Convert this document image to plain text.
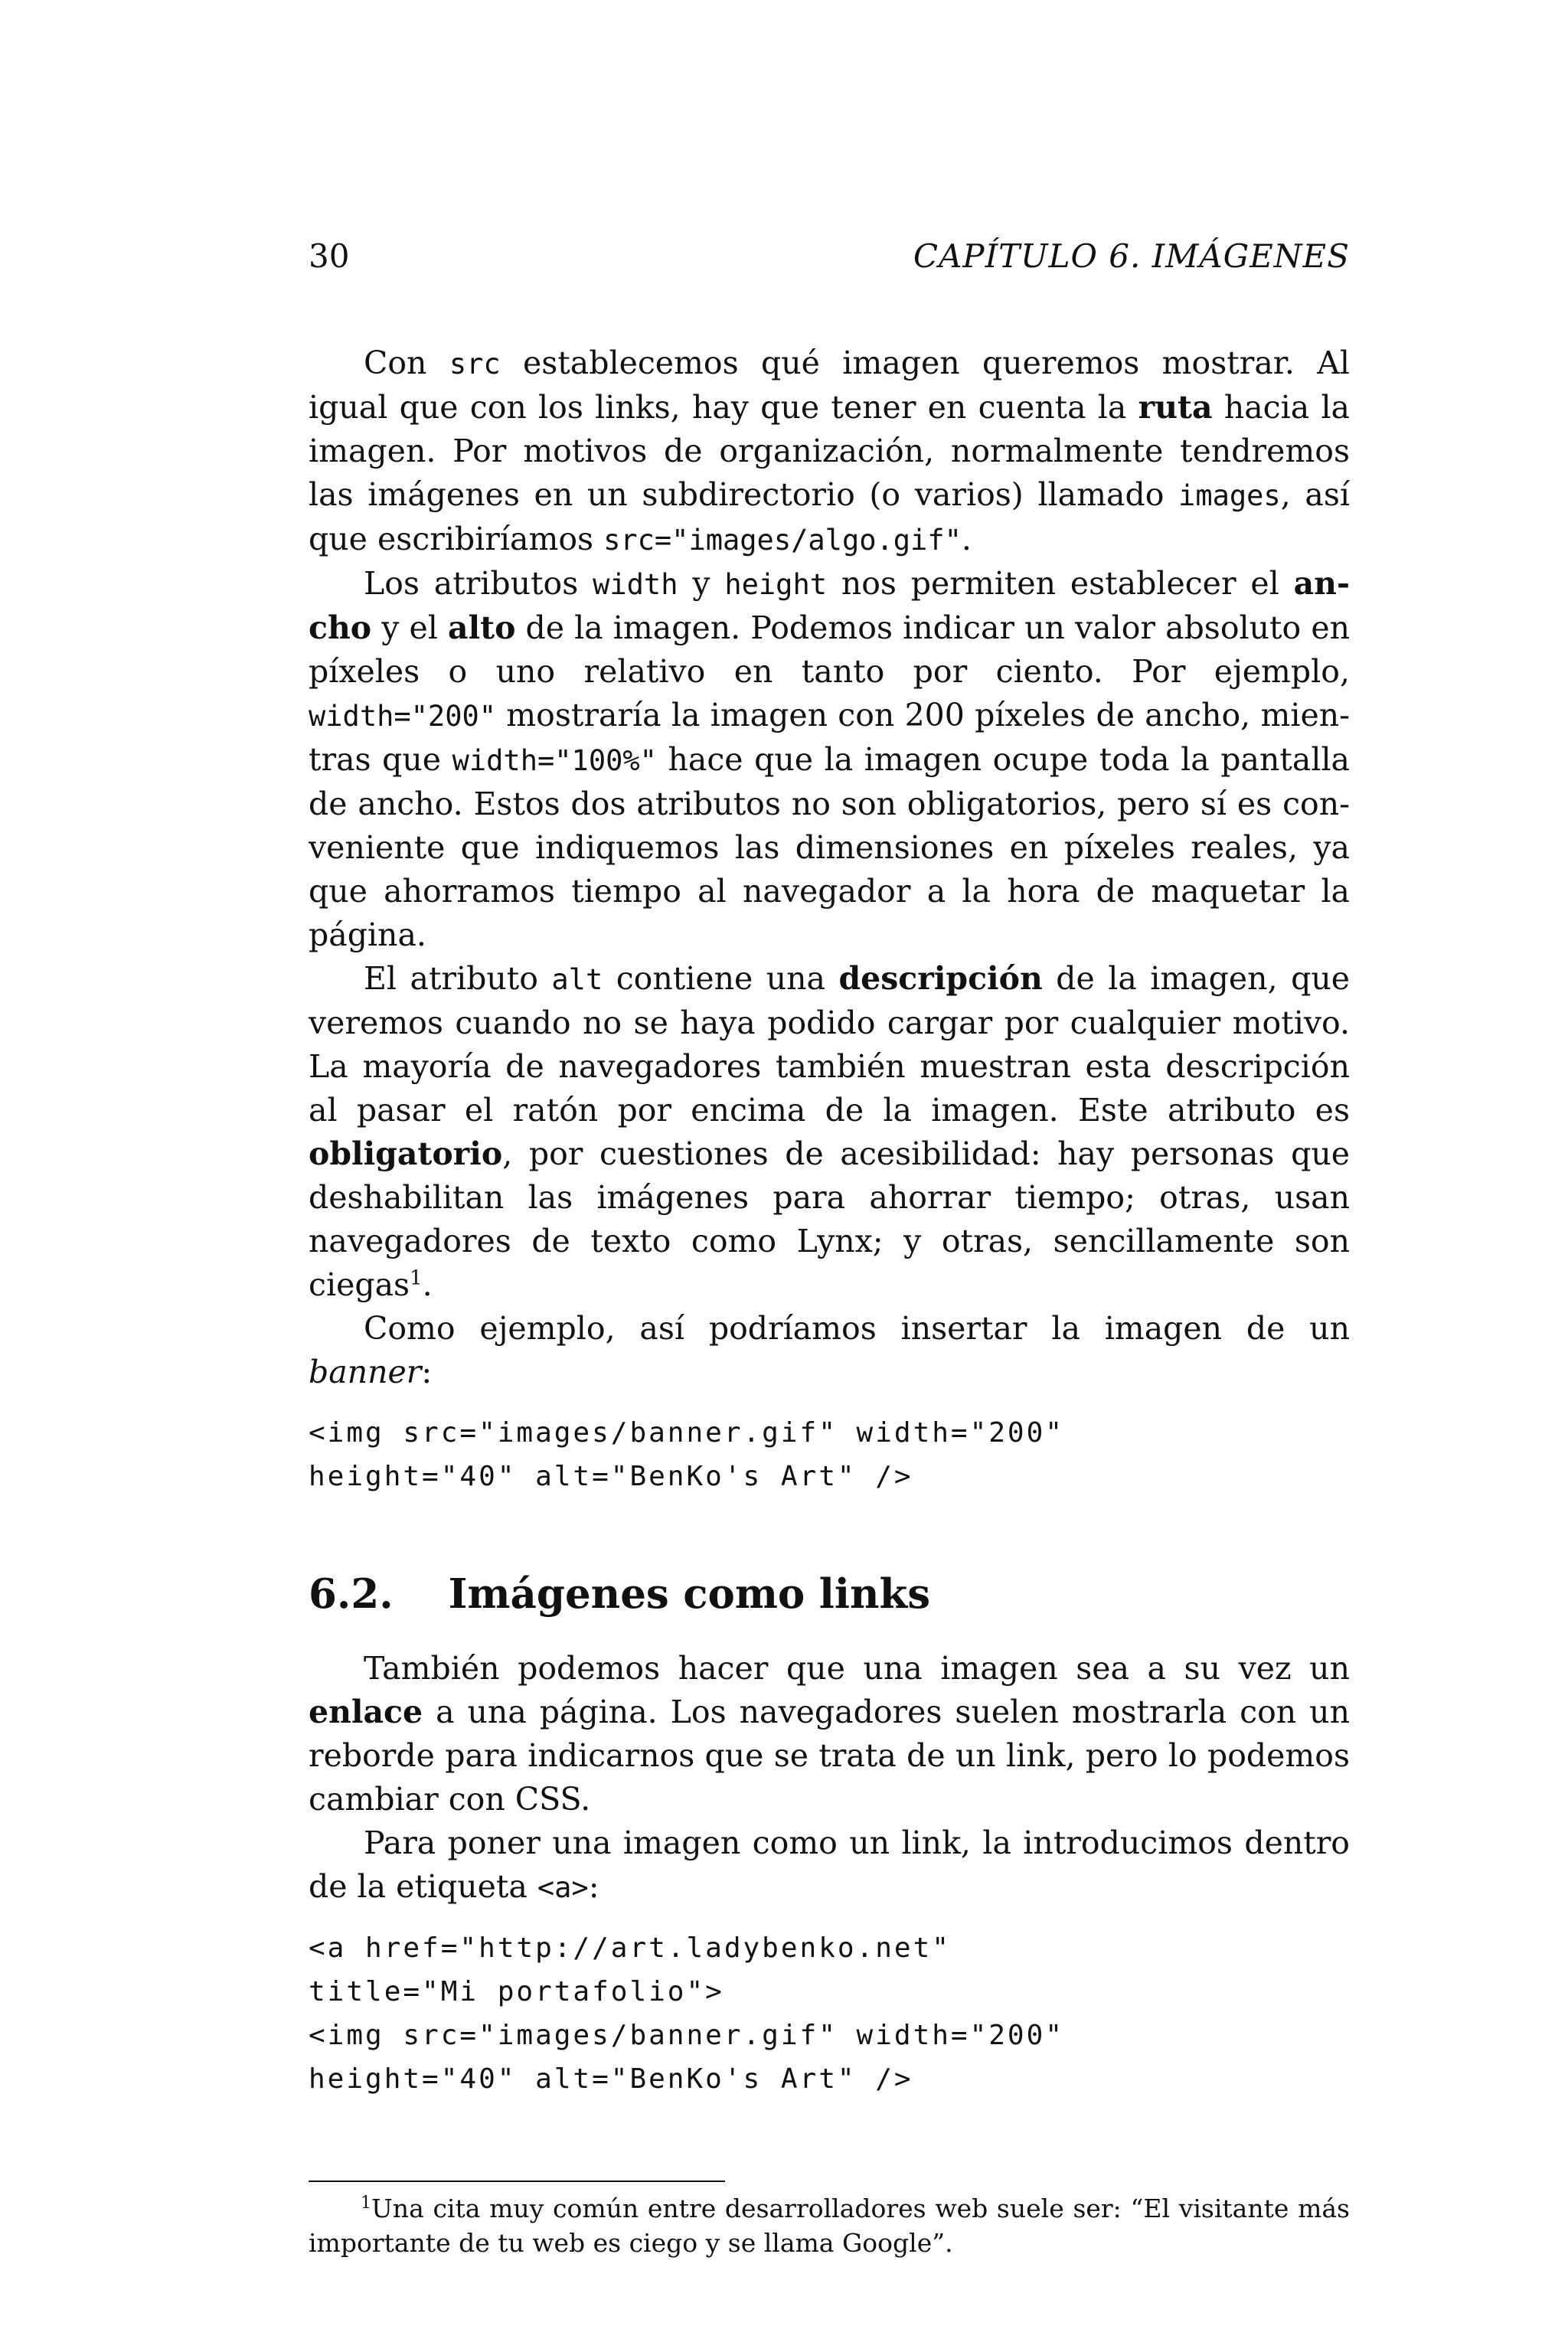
30	CAPÍTULO 6. IMÁGENES

Con src establecemos qué imagen queremos mostrar. Al igual que con los links, hay que tener en cuenta la ruta hacia la imagen. Por motivos de organización, normalmente tendremos las imágenes en un subdirectorio (o varios) llamado images, así que escribiríamos src="images/algo.gif".

Los atributos width y height nos permiten establecer el ancho y el alto de la imagen. Podemos indicar un valor absoluto en píxeles o uno relativo en tanto por ciento. Por ejemplo, width="200" mostraría la imagen con 200 píxeles de ancho, mientras que width="100%" hace que la imagen ocupe toda la pantalla de ancho. Estos dos atributos no son obligatorios, pero sí es conveniente que indiquemos las dimensiones en píxeles reales, ya que ahorramos tiempo al navegador a la hora de maquetar la página.

El atributo alt contiene una descripción de la imagen, que veremos cuando no se haya podido cargar por cualquier motivo. La mayoría de navegadores también muestran esta descripción al pasar el ratón por encima de la imagen. Este atributo es obligatorio, por cuestiones de acesibilidad: hay personas que deshabilitan las imágenes para ahorrar tiempo; otras, usan navegadores de texto como Lynx; y otras, sencillamente son ciegas$^1$.

Como ejemplo, así podríamos insertar la imagen de un banner:

<img src="images/banner.gif" width="200"
height="40" alt="BenKo's Art" />
6.2. Imágenes como links

También podemos hacer que una imagen sea a su vez un enlace a una página. Los navegadores suelen mostrarla con un reborde para indicarnos que se trata de un link, pero lo podemos cambiar con CSS.

Para poner una imagen como un link, la introducimos dentro de la etiqueta <a>:

<a href="http://art.ladybenko.net"
title="Mi portafolio">
<img src="images/banner.gif" width="200"
height="40" alt="BenKo's Art" />
$^1$Una cita muy común entre desarrolladores web suele ser: “El visitante más importante de tu web es ciego y se llama Google”.
